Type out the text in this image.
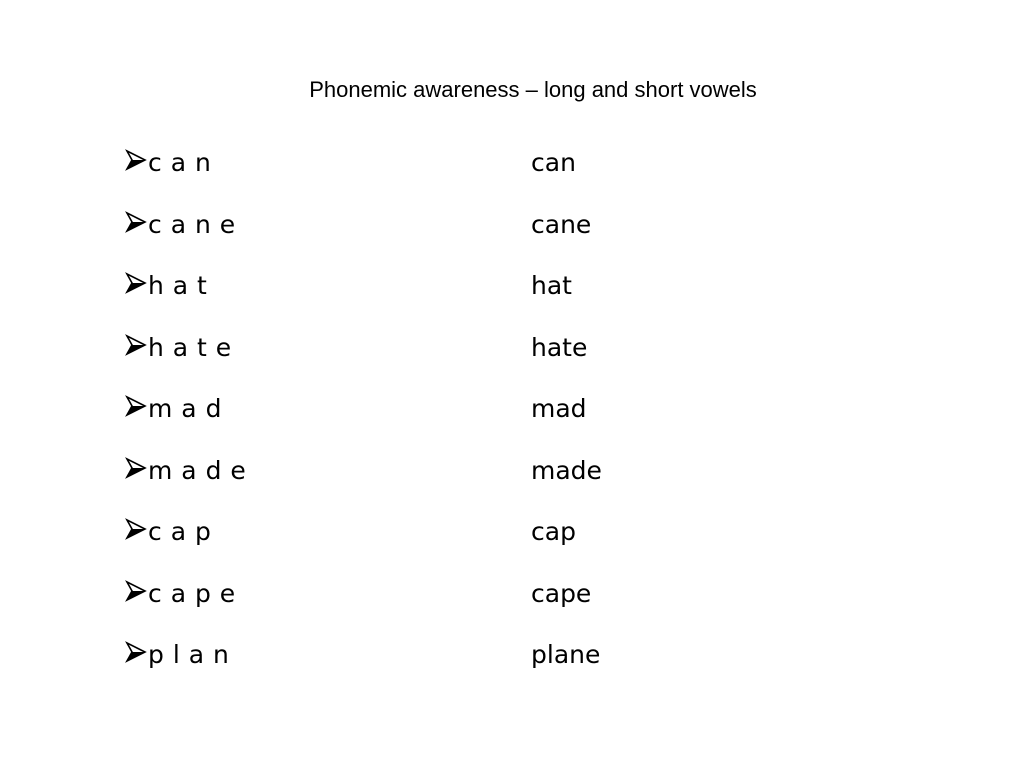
Phonemic awareness – long and short vowels
c a n	can
c a n e	cane
h a t	hat
h a t e	hate
m a d	mad
m a d e	made
c a p	cap
c a p e	cape
p l a n	plane
